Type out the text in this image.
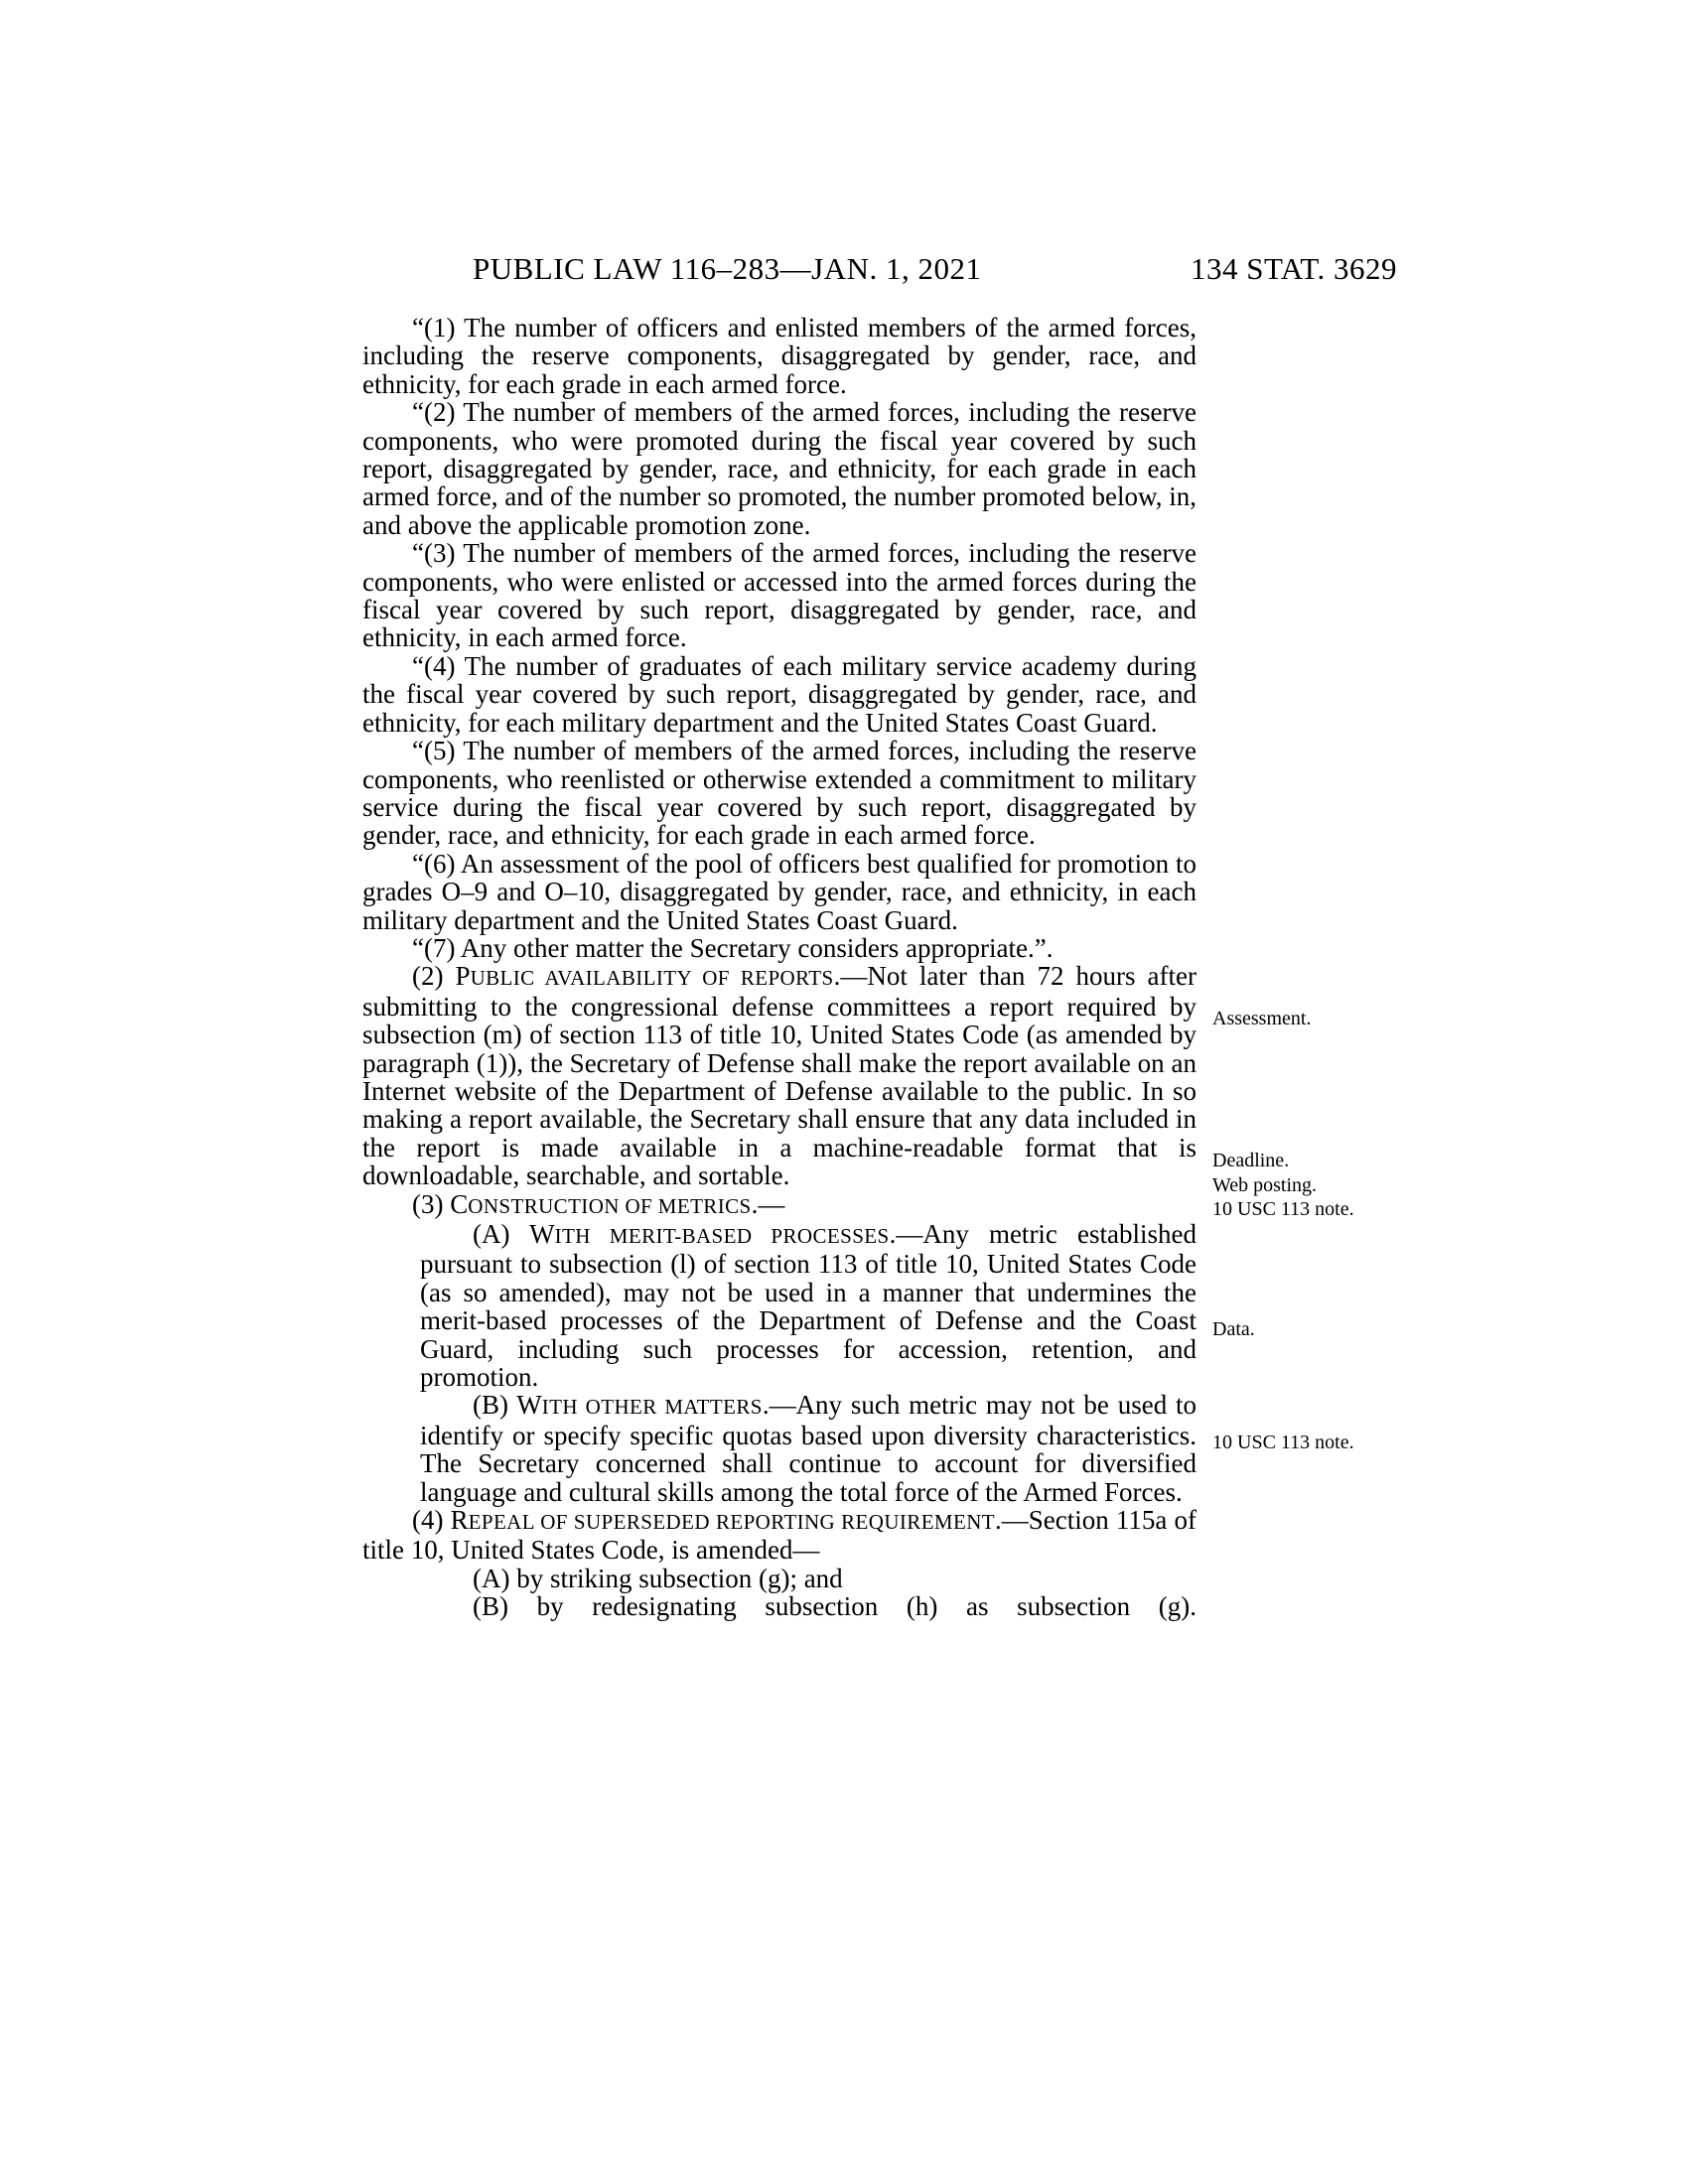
PUBLIC LAW 116–283—JAN. 1, 2021	134 STAT. 3629

“(1) The number of officers and enlisted members of the armed forces, including the reserve components, disaggregated by gender, race, and ethnicity, for each grade in each armed force.

“(2) The number of members of the armed forces, including the reserve components, who were promoted during the fiscal year covered by such report, disaggregated by gender, race, and ethnicity, for each grade in each armed force, and of the number so promoted, the number promoted below, in, and above the applicable promotion zone.

“(3) The number of members of the armed forces, including the reserve components, who were enlisted or accessed into the armed forces during the fiscal year covered by such report, disaggregated by gender, race, and ethnicity, in each armed force.

“(4) The number of graduates of each military service academy during the fiscal year covered by such report, disaggregated by gender, race, and ethnicity, for each military department and the United States Coast Guard.

“(5) The number of members of the armed forces, including the reserve components, who reenlisted or otherwise extended a commitment to military service during the fiscal year covered by such report, disaggregated by gender, race, and ethnicity, for each grade in each armed force.

“(6) An assessment of the pool of officers best qualified for promotion to grades O–9 and O–10, disaggregated by gender, race, and ethnicity, in each military department and the United States Coast Guard.

“(7) Any other matter the Secretary considers appropriate.”.

(2) PUBLIC AVAILABILITY OF REPORTS.—Not later than 72 hours after submitting to the congressional defense committees a report required by subsection (m) of section 113 of title 10, United States Code (as amended by paragraph (1)), the Secretary of Defense shall make the report available on an Internet website of the Department of Defense available to the public. In so making a report available, the Secretary shall ensure that any data included in the report is made available in a machine-readable format that is downloadable, searchable, and sortable.

(3) CONSTRUCTION OF METRICS.—

(A) WITH MERIT-BASED PROCESSES.—Any metric established pursuant to subsection (l) of section 113 of title 10, United States Code (as so amended), may not be used in a manner that undermines the merit-based processes of the Department of Defense and the Coast Guard, including such processes for accession, retention, and promotion.

(B) WITH OTHER MATTERS.—Any such metric may not be used to identify or specify specific quotas based upon diversity characteristics. The Secretary concerned shall continue to account for diversified language and cultural skills among the total force of the Armed Forces.

(4) REPEAL OF SUPERSEDED REPORTING REQUIREMENT.—Section 115a of title 10, United States Code, is amended—

(A) by striking subsection (g); and

(B) by redesignating subsection (h) as subsection (g).

Assessment.
Deadline.
Web posting.
10 USC 113 note.
Data.
10 USC 113 note.
